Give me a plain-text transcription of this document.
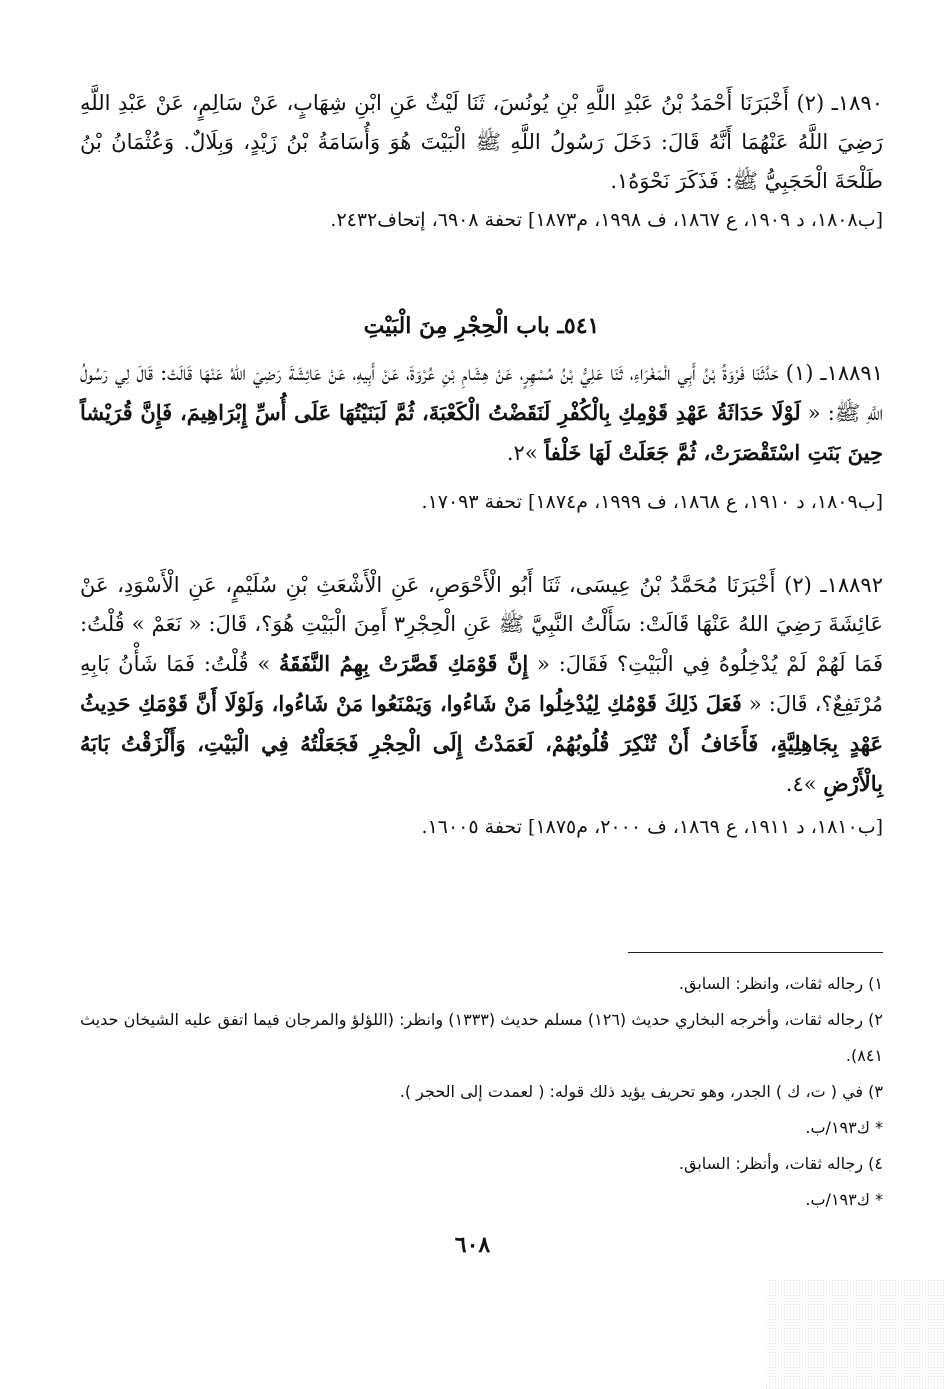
١٨٩٠ـ (٢) أَخْبَرَنَا أَحْمَدُ بْنُ عَبْدِ اللَّهِ بْنِ يُونُسَ، ثَنَا لَيْثٌ عَنِ ابْنِ شِهَابٍ، عَنْ سَالِمٍ، عَنْ عَبْدِ اللَّهِ رَضِيَ اللَّهُ عَنْهُمَا أَنَّهُ قَالَ: دَخَلَ رَسُولُ اللَّهِ ﷺ الْبَيْتَ هُوَ وَأُسَامَةُ بْنُ زَيْدٍ، وَبِلَالٌ. وَعُثْمَانُ بْنُ طَلْحَةَ الْحَجَبِيُّ ﷺ: فَذَكَرَ نَحْوَهُ١.

[ب١٨٠٨، د ١٩٠٩، ع ١٨٦٧، ف ١٩٩٨، م١٨٧٣] تحفة ٦٩٠٨، إتحاف٢٤٣٢.

٥٤١ـ باب الْحِجْرِ مِنَ الْبَيْتِ

١٨٨٩١ـ (١) حَدَّثَنَا فَرْوَةُ بْنُ أَبِي الْمَغْرَاءِ، ثَنَا عَلِيُّ بْنُ مُسْهِرٍ، عَنْ هِشَامِ بْنِ عُرْوَةَ، عَنْ أَبِيهِ، عَنْ عَائِشَةَ رَضِيَ اللهُ عَنْهَا قَالَتْ: قَالَ لِي رَسُولُ اللَّهِ ﷺ: « لَوْلَا حَدَاثَةُ عَهْدِ قَوْمِكِ بِالْكُفْرِ لَنَقَضْتُ الْكَعْبَةَ، ثُمَّ لَبَنَيْتُهَا عَلَى أُسِّ إِبْرَاهِيمَ، فَإِنَّ قُرَيْشاً حِينَ بَنَتِ اسْتَقْصَرَتْ، ثُمَّ جَعَلَتْ لَهَا خَلْفاً »٢.

[ب١٨٠٩، د ١٩١٠، ع ١٨٦٨، ف ١٩٩٩، م١٨٧٤] تحفة ١٧٠٩٣.

١٨٨٩٢ـ (٢) أَخْبَرَنَا مُحَمَّدُ بْنُ عِيسَى، ثَنَا أَبُو الْأَحْوَصِ، عَنِ الْأَشْعَثِ بْنِ سُلَيْمٍ، عَنِ الْأَسْوَدِ، عَنْ عَائِشَةَ رَضِيَ اللهُ عَنْهَا قَالَتْ: سَأَلْتُ النَّبِيَّ ﷺ عَنِ الْحِجْرِ٣ أَمِنَ الْبَيْتِ هُوَ؟، قَالَ: « نَعَمْ » قُلْتُ: فَمَا لَهُمْ لَمْ يُدْخِلُوهُ فِي الْبَيْتِ؟ فَقَالَ: « إِنَّ قَوْمَكِ قَصَّرَتْ بِهِمُ النَّفَقَةُ » قُلْتُ: فَمَا شَأْنُ بَابِهِ مُرْتَفِعٌ؟، قَالَ: « فَعَلَ ذَلِكَ قَوْمُكِ لِيُدْخِلُوا مَنْ شَاءُوا، وَيَمْنَعُوا مَنْ شَاءُوا، وَلَوْلَا أَنَّ قَوْمَكِ حَدِيثُ عَهْدٍ بِجَاهِلِيَّةٍ، فَأَخَافُ أَنْ تُنْكِرَ قُلُوبُهُمْ، لَعَمَدْتُ إِلَى الْحِجْرِ فَجَعَلْتُهُ فِي الْبَيْتِ، وَأَلْزَقْتُ بَابَهُ بِالْأَرْضِ »٤.

[ب١٨١٠، د ١٩١١، ع ١٨٦٩، ف ٢٠٠٠، م١٨٧٥] تحفة ١٦٠٠٥.

١) رجاله ثقات، وانظر: السابق.

٢) رجاله ثقات، وأخرجه البخاري حديث (١٢٦) مسلم حديث (١٣٣٣) وانظر: (اللؤلؤ والمرجان فيما اتفق عليه الشيخان حديث ٨٤١).

٣) في ( ت، ك ) الجدر، وهو تحريف يؤيد ذلك قوله: ( لعمدت إلى الحجر ).

* ك١٩٣/ب.

٤) رجاله ثقات، وأنظر: السابق.

* ك١٩٣/ب.

٦٠٨
